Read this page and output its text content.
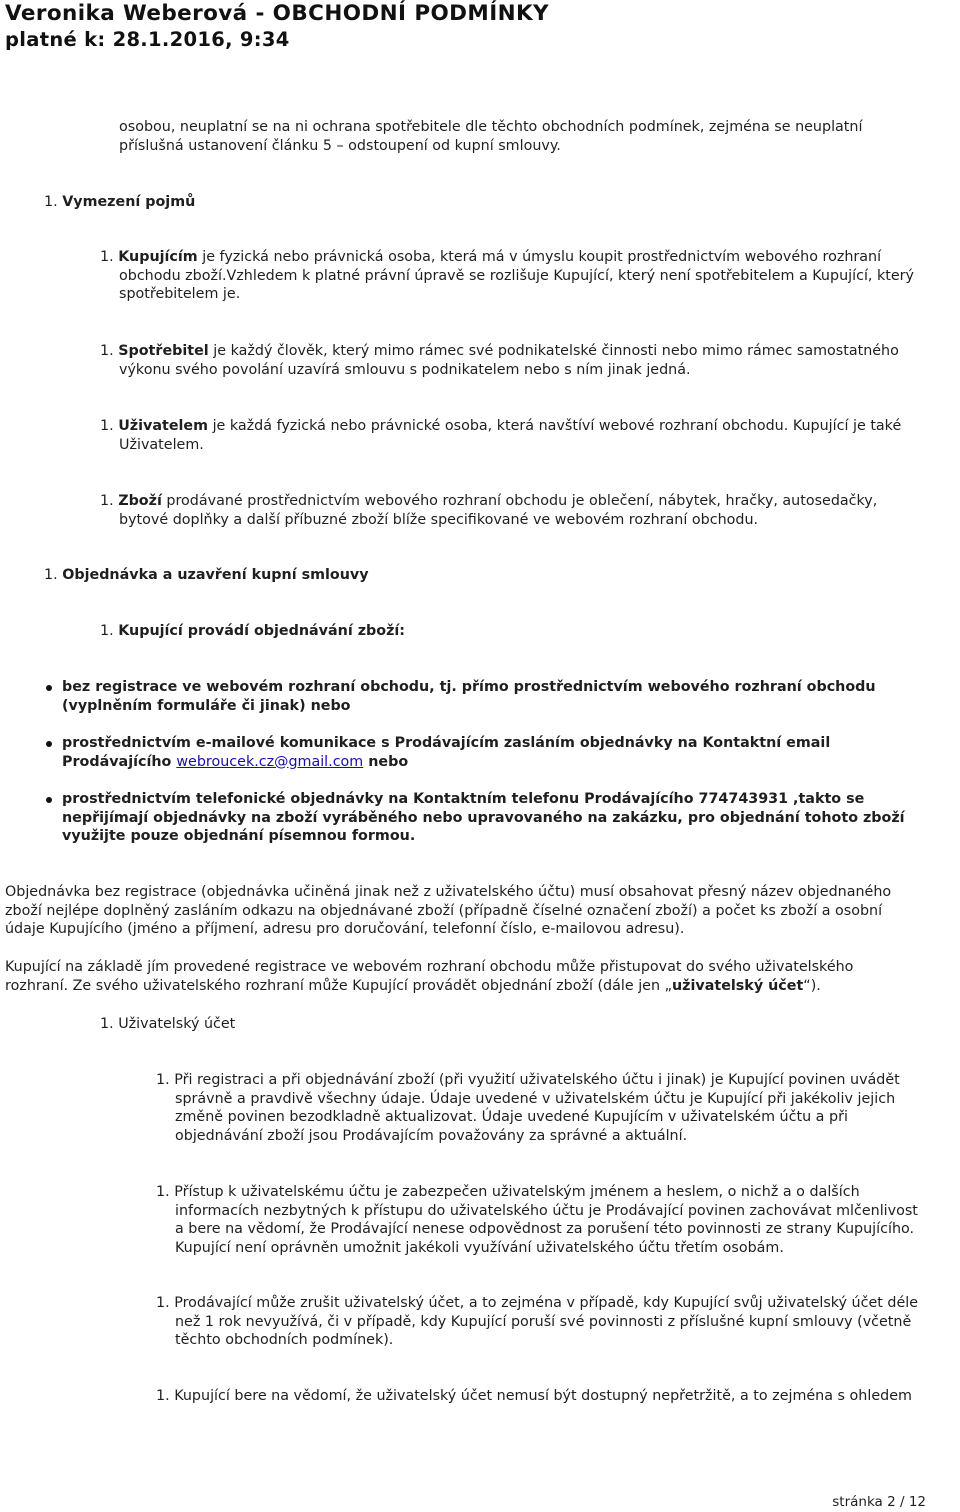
Veronika Weberová - OBCHODNÍ PODMÍNKY
platné k: 28.1.2016, 9:34
osobou, neuplatní se na ni ochrana spotřebitele dle těchto obchodních podmínek, zejména se neuplatní
příslušná ustanovení článku 5 – odstoupení od kupní smlouvy.
1. Vymezení pojmů
1. Kupujícím je fyzická nebo právnická osoba, která má v úmyslu koupit prostřednictvím webového rozhraní
obchodu zboží.Vzhledem k platné právní úpravě se rozlišuje Kupující, který není spotřebitelem a Kupující, který
spotřebitelem je.
1. Spotřebitel je každý člověk, který mimo rámec své podnikatelské činnosti nebo mimo rámec samostatného
výkonu svého povolání uzavírá smlouvu s podnikatelem nebo s ním jinak jedná.
1. Uživatelem je každá fyzická nebo právnické osoba, která navštíví webové rozhraní obchodu. Kupující je také
Uživatelem.
1. Zboží prodávané prostřednictvím webového rozhraní obchodu je oblečení, nábytek, hračky, autosedačky,
bytové doplňky a další příbuzné zboží blíže specifikované ve webovém rozhraní obchodu.
1. Objednávka a uzavření kupní smlouvy
1. Kupující provádí objednávání zboží:
bez registrace ve webovém rozhraní obchodu, tj. přímo prostřednictvím webového rozhraní obchodu
(vyplněním formuláře či jinak) nebo
prostřednictvím e-mailové komunikace s Prodávajícím zasláním objednávky na Kontaktní email
Prodávajícího webroucek.cz@gmail.com nebo
prostřednictvím telefonické objednávky na Kontaktním telefonu Prodávajícího 774743931 ,takto se
nepřijímají objednávky na zboží vyráběného nebo upravovaného na zakázku, pro objednání tohoto zboží
využijte pouze objednání písemnou formou.
Objednávka bez registrace (objednávka učiněná jinak než z uživatelského účtu) musí obsahovat přesný název objednaného
zboží nejlépe doplněný zasláním odkazu na objednávané zboží (případně číselné označení zboží) a počet ks zboží a osobní
údaje Kupujícího (jméno a příjmení, adresu pro doručování, telefonní číslo, e-mailovou adresu).
Kupující na základě jím provedené registrace ve webovém rozhraní obchodu může přistupovat do svého uživatelského
rozhraní. Ze svého uživatelského rozhraní může Kupující provádět objednání zboží (dále jen „uživatelský účet“).
1. Uživatelský účet
1. Při registraci a při objednávání zboží (při využití uživatelského účtu i jinak) je Kupující povinen uvádět
správně a pravdivě všechny údaje. Údaje uvedené v uživatelském účtu je Kupující při jakékoliv jejich
změně povinen bezodkladně aktualizovat. Údaje uvedené Kupujícím v uživatelském účtu a při
objednávání zboží jsou Prodávajícím považovány za správné a aktuální.
1. Přístup k uživatelskému účtu je zabezpečen uživatelským jménem a heslem, o nichž a o dalších
informacích nezbytných k přístupu do uživatelského účtu je Prodávající povinen zachovávat mlčenlivost
a bere na vědomí, že Prodávající nenese odpovědnost za porušení této povinnosti ze strany Kupujícího.
Kupující není oprávněn umožnit jakékoli využívání uživatelského účtu třetím osobám.
1. Prodávající může zrušit uživatelský účet, a to zejména v případě, kdy Kupující svůj uživatelský účet déle
než 1 rok nevyužívá, či v případě, kdy Kupující poruší své povinnosti z příslušné kupní smlouvy (včetně
těchto obchodních podmínek).
1. Kupující bere na vědomí, že uživatelský účet nemusí být dostupný nepřetržitě, a to zejména s ohledem
stránka 2 / 12
